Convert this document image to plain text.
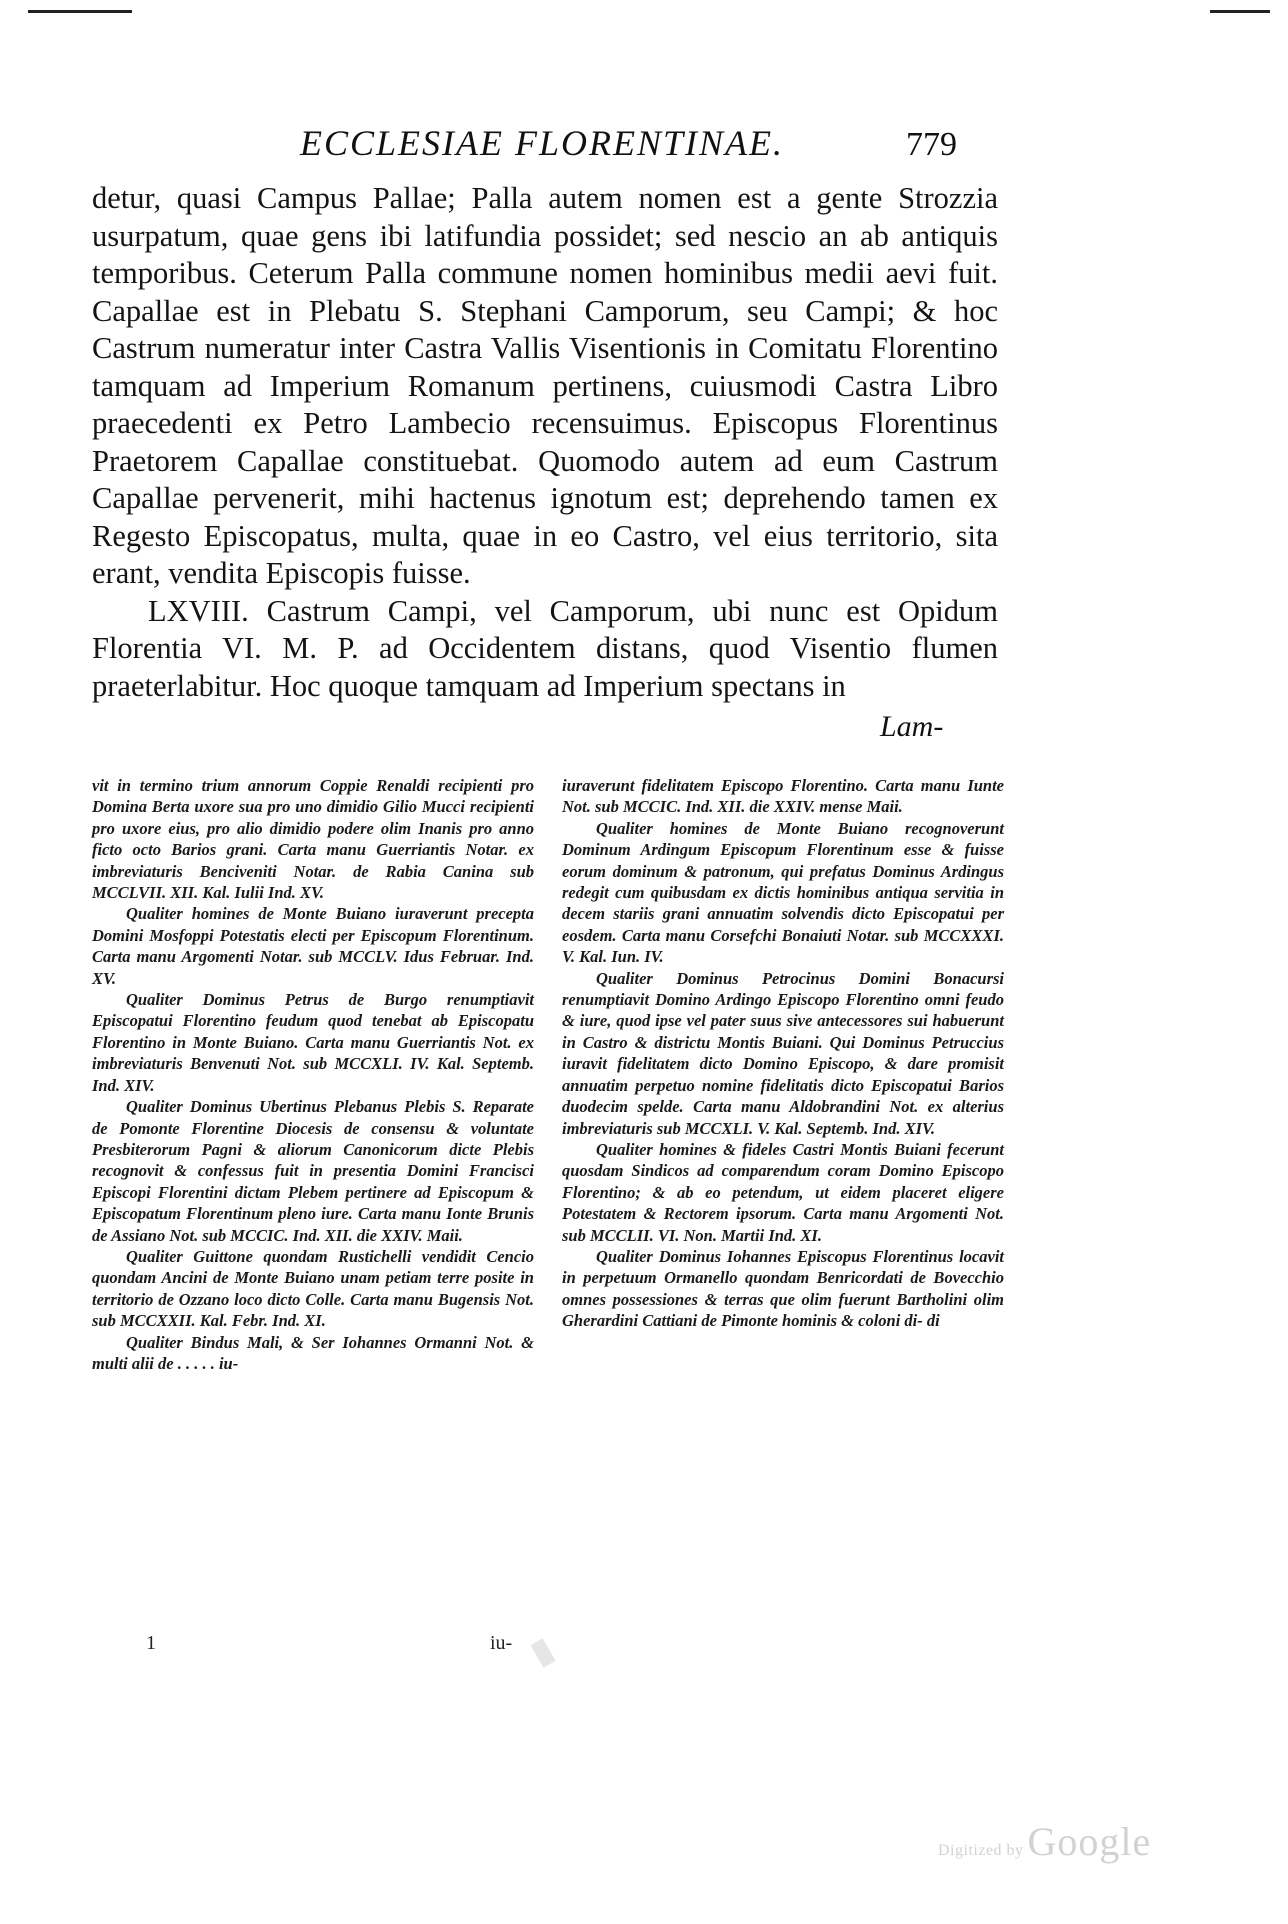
ECCLESIAE FLORENTINAE.	779

detur, quasi Campus Pallae; Palla autem nomen est a gente Strozzia usurpatum, quae gens ibi latifundia possidet; sed nescio an ab antiquis temporibus. Ceterum Palla commune nomen hominibus medii aevi fuit. Capallae est in Plebatu S. Stephani Camporum, seu Campi; & hoc Castrum numeratur inter Castra Vallis Visentionis in Comitatu Florentino tamquam ad Imperium Romanum pertinens, cuiusmodi Castra Libro praecedenti ex Petro Lambecio recensuimus. Episcopus Florentinus Praetorem Capallae constituebat. Quomodo autem ad eum Castrum Capallae pervenerit, mihi hactenus ignotum est; deprehendo tamen ex Regesto Episcopatus, multa, quae in eo Castro, vel eius territorio, sita erant, vendita Episcopis fuisse.

LXVIII. Castrum Campi, vel Camporum, ubi nunc est Opidum Florentia VI. M. P. ad Occidentem distans, quod Visentio flumen praeterlabitur. Hoc quoque tamquam ad Imperium spectans in

Lam-

vit in termino trium annorum Coppie Renaldi recipienti pro Domina Berta uxore sua pro uno dimidio Gilio Mucci recipienti pro uxore eius, pro alio dimidio podere olim Inanis pro anno ficto octo Barios grani. Carta manu Guerriantis Notar. ex imbreviaturis Benciveniti Notar. de Rabia Canina sub MCCLVII. XII. Kal. Iulii Ind. XV.

Qualiter homines de Monte Buiano iuraverunt precepta Domini Mosfoppi Potestatis electi per Episcopum Florentinum. Carta manu Argomenti Notar. sub MCCLV. Idus Februar. Ind. XV.

Qualiter Dominus Petrus de Burgo renumptiavit Episcopatui Florentino feudum quod tenebat ab Episcopatu Florentino in Monte Buiano. Carta manu Guerriantis Not. ex imbreviaturis Benvenuti Not. sub MCCXLI. IV. Kal. Septemb. Ind. XIV.

Qualiter Dominus Ubertinus Plebanus Plebis S. Reparate de Pomonte Florentine Diocesis de consensu & voluntate Presbiterorum Pagni & aliorum Canonicorum dicte Plebis recognovit & confessus fuit in presentia Domini Francisci Episcopi Florentini dictam Plebem pertinere ad Episcopum & Episcopatum Florentinum pleno iure. Carta manu Ionte Brunis de Assiano Not. sub MCCIC. Ind. XII. die XXIV. Maii.

Qualiter Guittone quondam Rustichelli vendidit Cencio quondam Ancini de Monte Buiano unam petiam terre posite in territorio de Ozzano loco dicto Colle. Carta manu Bugensis Not. sub MCCXXII. Kal. Febr. Ind. XI.

Qualiter Bindus Mali, & Ser Iohannes Ormanni Not. & multi alii de . . . . . iu-

iuraverunt fidelitatem Episcopo Florentino. Carta manu Iunte Not. sub MCCIC. Ind. XII. die XXIV. mense Maii.

Qualiter homines de Monte Buiano recognoverunt Dominum Ardingum Episcopum Florentinum esse & fuisse eorum dominum & patronum, qui prefatus Dominus Ardingus redegit cum quibusdam ex dictis hominibus antiqua servitia in decem stariis grani annuatim solvendis dicto Episcopatui per eosdem. Carta manu Corsefchi Bonaiuti Notar. sub MCCXXXI. V. Kal. Iun. IV.

Qualiter Dominus Petrocinus Domini Bonacursi renumptiavit Domino Ardingo Episcopo Florentino omni feudo & iure, quod ipse vel pater suus sive antecessores sui habuerunt in Castro & districtu Montis Buiani. Qui Dominus Petruccius iuravit fidelitatem dicto Domino Episcopo, & dare promisit annuatim perpetuo nomine fidelitatis dicto Episcopatui Barios duodecim spelde. Carta manu Aldobrandini Not. ex alterius imbreviaturis sub MCCXLI. V. Kal. Septemb. Ind. XIV.

Qualiter homines & fideles Castri Montis Buiani fecerunt quosdam Sindicos ad comparendum coram Domino Episcopo Florentino; & ab eo petendum, ut eidem placeret eligere Potestatem & Rectorem ipsorum. Carta manu Argomenti Not. sub MCCLII. VI. Non. Martii Ind. XI.

Qualiter Dominus Iohannes Episcopus Florentinus locavit in perpetuum Ormanello quondam Benricordati de Bovecchio omnes possessiones & terras que olim fuerunt Bartholini olim Gherardini Cattiani de Pimonte hominis & coloni di- di

1	iu-
Digitized by Google
